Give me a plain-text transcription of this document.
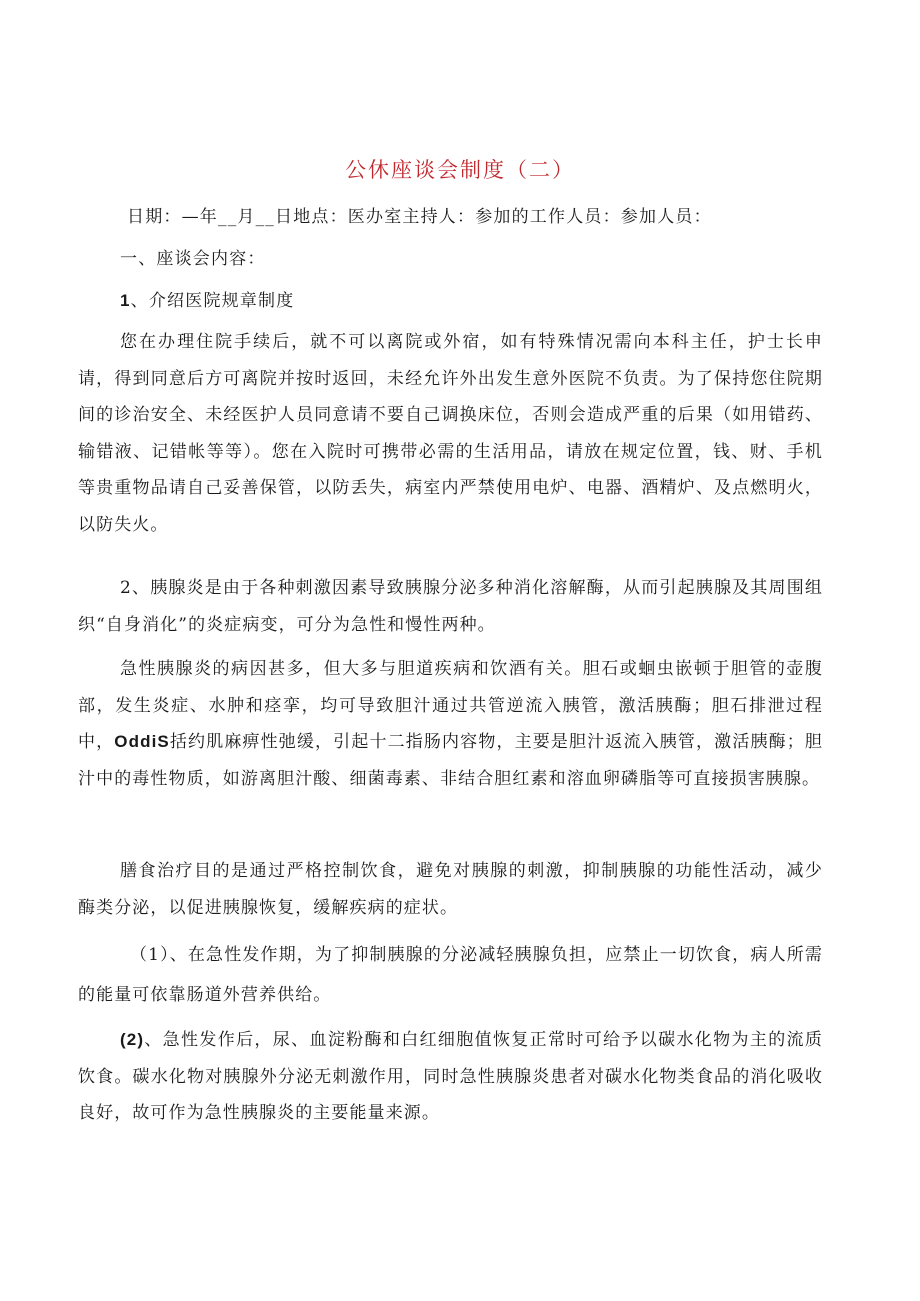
公休座谈会制度（二）
日期：—年__月__日地点：医办室主持人：参加的工作人员：参加人员：
一、座谈会内容：
1、介绍医院规章制度

您在办理住院手续后，就不可以离院或外宿，如有特殊情况需向本科主任，护士长申请，得到同意后方可离院并按时返回，未经允许外出发生意外医院不负责。为了保持您住院期间的诊治安全、未经医护人员同意请不要自己调换床位，否则会造成严重的后果（如用错药、输错液、记错帐等等）。您在入院时可携带必需的生活用品，请放在规定位置，钱、财、手机等贵重物品请自己妥善保管，以防丢失，病室内严禁使用电炉、电器、酒精炉、及点燃明火，以防失火。

2、胰腺炎是由于各种刺激因素导致胰腺分泌多种消化溶解酶，从而引起胰腺及其周围组织“自身消化”的炎症病变，可分为急性和慢性两种。

急性胰腺炎的病因甚多，但大多与胆道疾病和饮酒有关。胆石或蛔虫嵌顿于胆管的壶腹部，发生炎症、水肿和痉挛，均可导致胆汁通过共管逆流入胰管，激活胰酶；胆石排泄过程中，OddiS括约肌麻痹性弛缓，引起十二指肠内容物，主要是胆汁返流入胰管，激活胰酶；胆汁中的毒性物质，如游离胆汁酸、细菌毒素、非结合胆红素和溶血卵磷脂等可直接损害胰腺。

膳食治疗目的是通过严格控制饮食，避免对胰腺的刺激，抑制胰腺的功能性活动，减少酶类分泌，以促进胰腺恢复，缓解疾病的症状。

（1）、在急性发作期，为了抑制胰腺的分泌减轻胰腺负担，应禁止一切饮食，病人所需的能量可依靠肠道外营养供给。

(2)、急性发作后，尿、血淀粉酶和白红细胞值恢复正常时可给予以碳水化物为主的流质饮食。碳水化物对胰腺外分泌无刺激作用，同时急性胰腺炎患者对碳水化物类食品的消化吸收良好，故可作为急性胰腺炎的主要能量来源。
